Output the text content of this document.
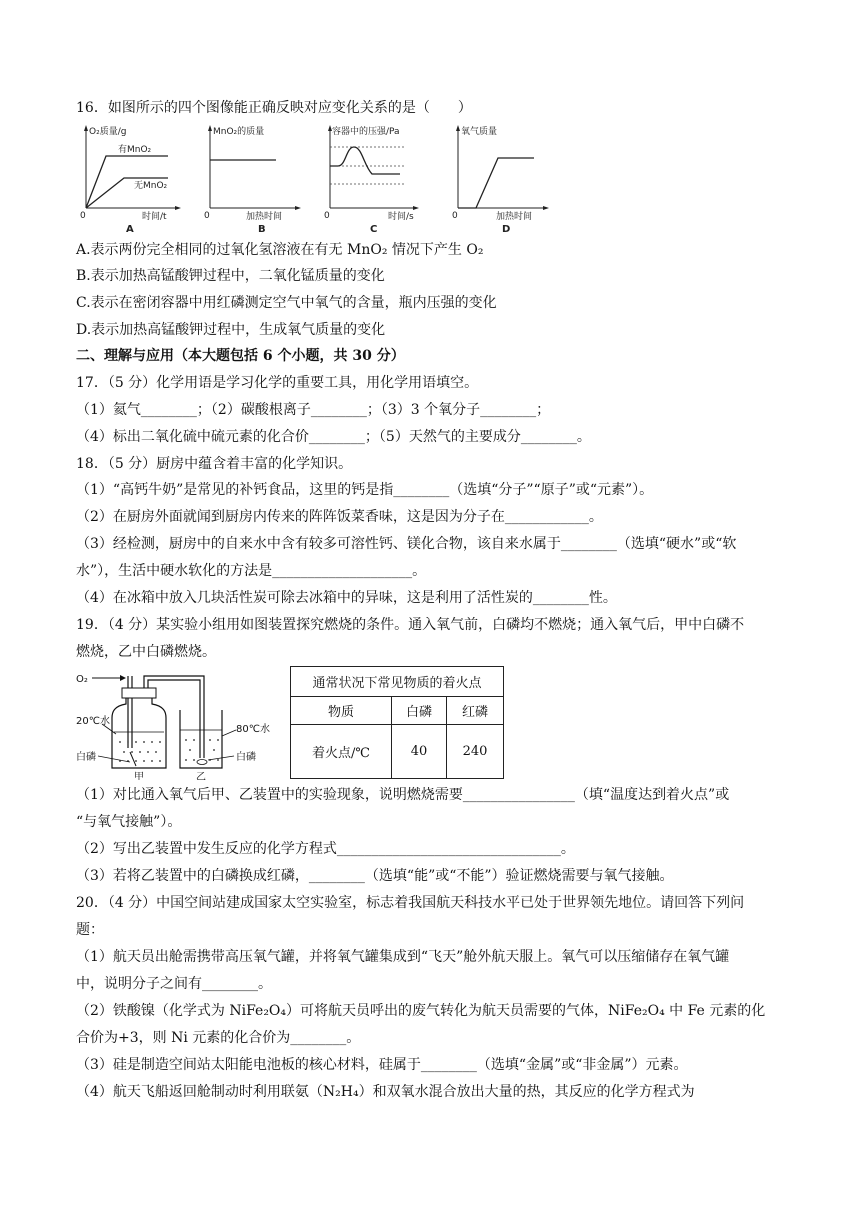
16．如图所示的四个图像能正确反映对应变化关系的是（　　）
O₂质量/g
有MnO₂
无MnO₂
0	时间/t
A
MnO₂的质量
0	加热时间
B
容器中的压强/Pa
0	时间/s
C
氧气质量
0	加热时间
D
A.表示两份完全相同的过氧化氢溶液在有无 MnO₂ 情况下产生 O₂
B.表示加热高锰酸钾过程中，二氧化锰质量的变化
C.表示在密闭容器中用红磷测定空气中氧气的含量，瓶内压强的变化
D.表示加热高锰酸钾过程中，生成氧气质量的变化
二、理解与应用（本大题包括 6 个小题，共 30 分）
17．（5 分）化学用语是学习化学的重要工具，用化学用语填空。
（1）氦气________；（2）碳酸根离子________；（3）3 个氧分子________；
（4）标出二氧化硫中硫元素的化合价________；（5）天然气的主要成分________。
18．（5 分）厨房中蕴含着丰富的化学知识。
（1）“高钙牛奶”是常见的补钙食品，这里的钙是指________（选填“分子”“原子”或“元素”）。
（2）在厨房外面就闻到厨房内传来的阵阵饭菜香味，这是因为分子在____________。
（3）经检测，厨房中的自来水中含有较多可溶性钙、镁化合物，该自来水属于________（选填“硬水”或“软
水”），生活中硬水软化的方法是____________________。
（4）在冰箱中放入几块活性炭可除去冰箱中的异味，这是利用了活性炭的________性。
19．（4 分）某实验小组用如图装置探究燃烧的条件。通入氧气前，白磷均不燃烧；通入氧气后，甲中白磷不
燃烧，乙中白磷燃烧。
O₂
20℃水
白磷
甲
80℃水
白磷
乙
通常状况下常见物质的着火点		
物质	白磷	红磷
着火点/℃	40	240
（1）对比通入氧气后甲、乙装置中的实验现象，说明燃烧需要________________（填“温度达到着火点”或
“与氧气接触”）。
（2）写出乙装置中发生反应的化学方程式________________________________。
（3）若将乙装置中的白磷换成红磷，________（选填“能”或“不能”）验证燃烧需要与氧气接触。
20．（4 分）中国空间站建成国家太空实验室，标志着我国航天科技水平已处于世界领先地位。请回答下列问
题：
（1）航天员出舱需携带高压氧气罐，并将氧气罐集成到“飞天”舱外航天服上。氧气可以压缩储存在氧气罐
中，说明分子之间有________。
（2）铁酸镍（化学式为 NiFe₂O₄）可将航天员呼出的废气转化为航天员需要的气体，NiFe₂O₄ 中 Fe 元素的化
合价为+3，则 Ni 元素的化合价为________。
（3）硅是制造空间站太阳能电池板的核心材料，硅属于________（选填“金属”或“非金属”）元素。
（4）航天飞船返回舱制动时利用联氨（N₂H₄）和双氧水混合放出大量的热，其反应的化学方程式为
